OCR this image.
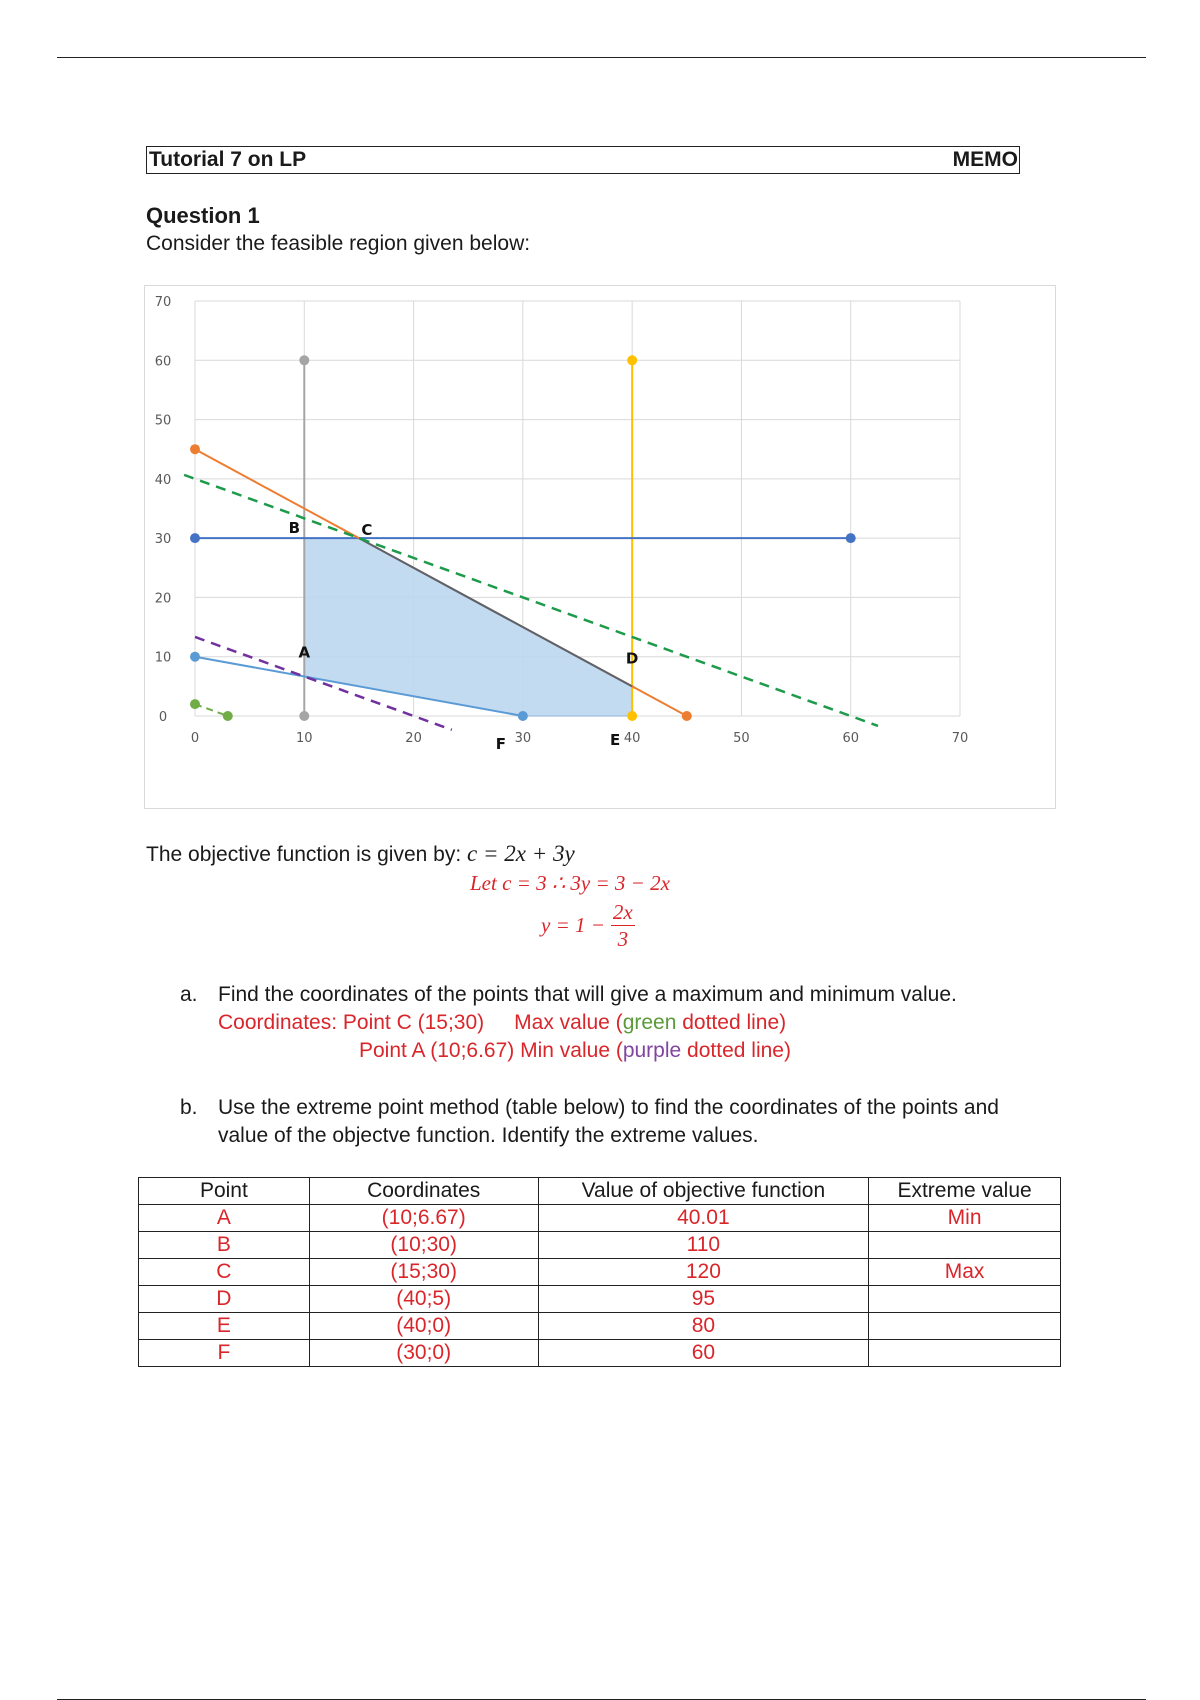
Tutorial 7 on LP	MEMO
Question 1
Consider the feasible region given below:
A
B	C
D
E
F
0	10	20	30	40	50	60	70
0
10
20
30
40
50
60
70
The objective function is given by: c = 2x + 3y
Let c = 3 ∴ 3y = 3 − 2x
$y = 1 - \frac{2x}{3}$
a. Find the coordinates of the points that will give a maximum and minimum value.
Coordinates: Point C (15;30) Max value (green dotted line)
Point A (10;6.67) Min value (purple dotted line)
b. Use the extreme point method (table below) to find the coordinates of the points and value of the objectve function. Identify the extreme values.
Point	Coordinates	Value of objective function	Extreme value
A	(10;6.67)	40.01	Min
B	(10;30)	110	
C	(15;30)	120	Max
D	(40;5)	95	
E	(40;0)	80	
F	(30;0)	60	
